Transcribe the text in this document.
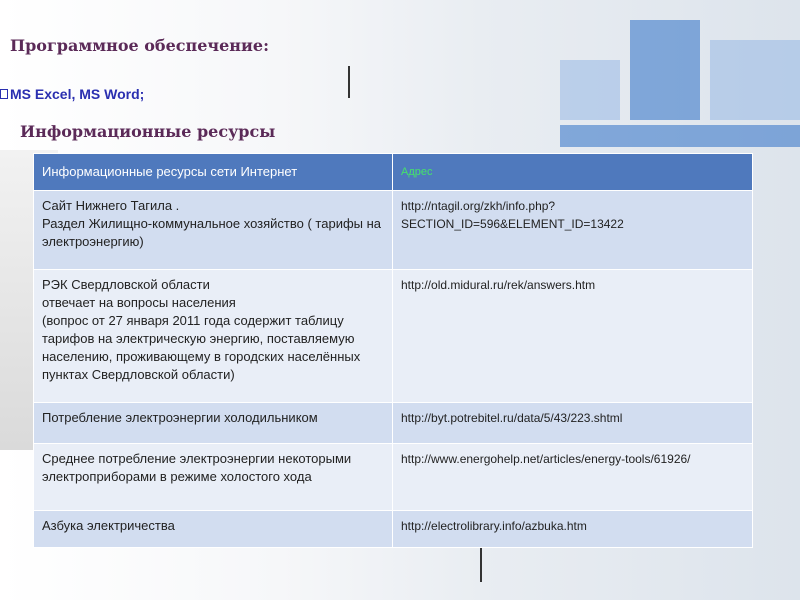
Программное обеспечение:

MS Excel, MS Word;

Информационные ресурсы
Информационные ресурсы сети Интернет	Адрес
Сайт Нижнего Тагила .
Раздел Жилищно-коммунальное хозяйство ( тарифы на электроэнергию)	http://ntagil.org/zkh/info.php?SECTION_ID=596&ELEMENT_ID=13422
РЭК Свердловской области
отвечает на вопросы населения
(вопрос от 27 января 2011 года содержит таблицу тарифов на электрическую энергию, поставляемую населению, проживающему в городских населённых пунктах Свердловской области)	http://old.midural.ru/rek/answers.htm
Потребление электроэнергии холодильником	http://byt.potrebitel.ru/data/5/43/223.shtml
Среднее потребление электроэнергии некоторыми электроприборами в режиме холостого хода	http://www.energohelp.net/articles/energy-tools/61926/
Азбука электричества	http://electrolibrary.info/azbuka.htm
